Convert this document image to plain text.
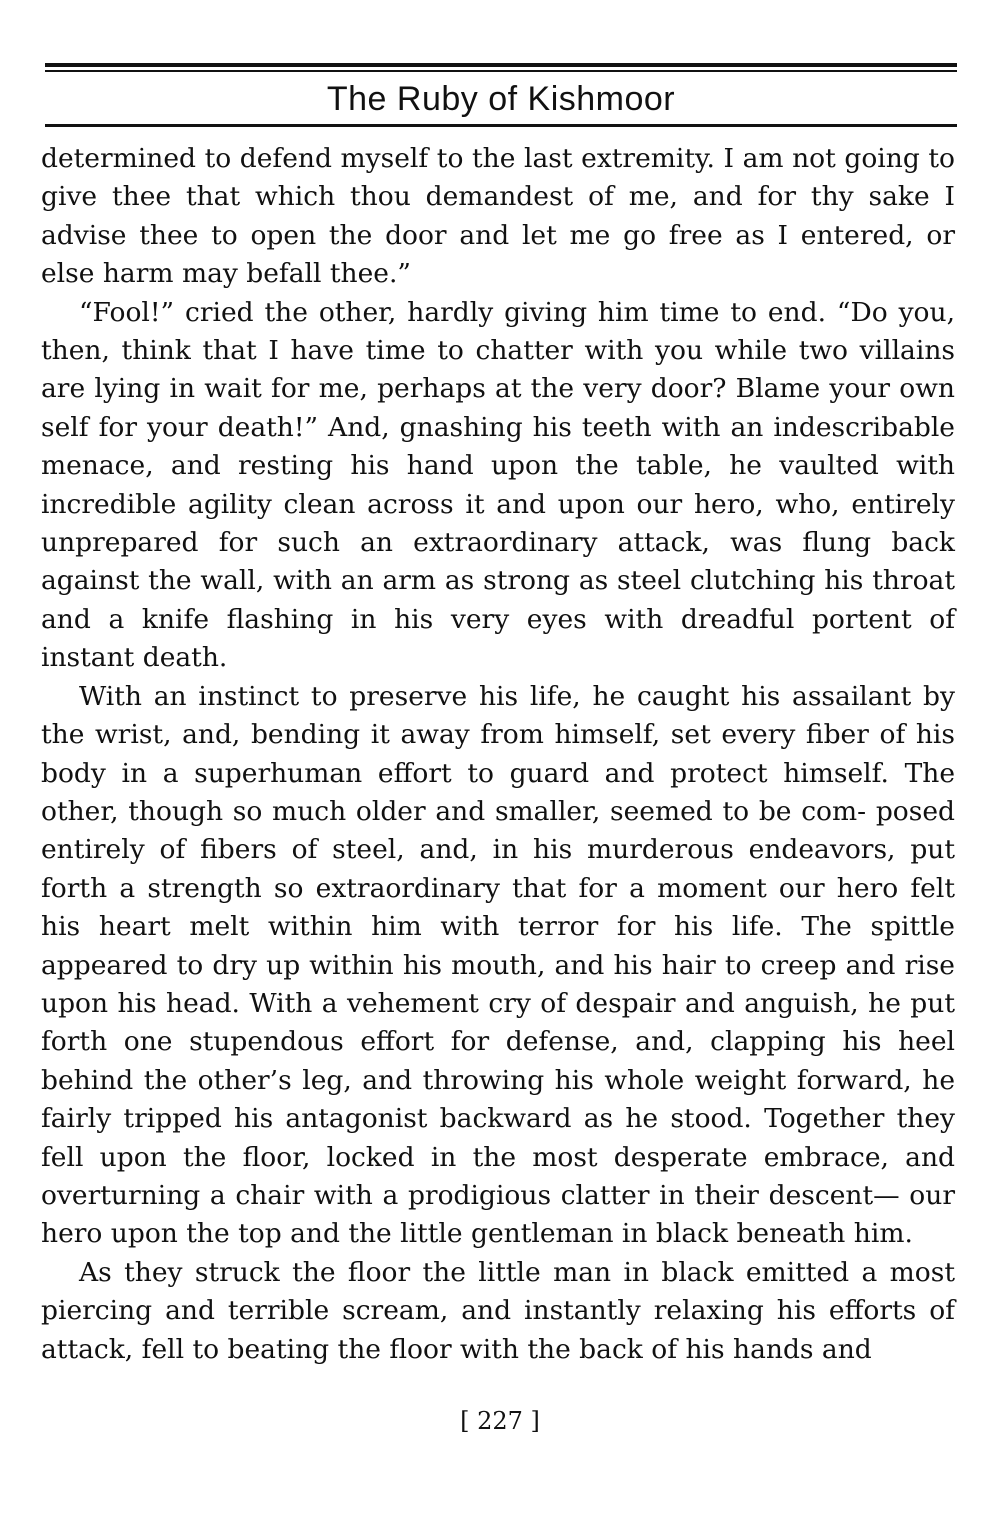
The Ruby of Kishmoor

determined to defend myself to the last extremity. I am not going to give thee that which thou demandest of me, and for thy sake I advise thee to open the door and let me go free as I entered, or else harm may befall thee.”

“Fool!” cried the other, hardly giving him time to end. “Do you, then, think that I have time to chatter with you while two villains are lying in wait for me, perhaps at the very door? Blame your own self for your death!” And, gnashing his teeth with an indescribable menace, and resting his hand upon the table, he vaulted with incredible agility clean across it and upon our hero, who, entirely unprepared for such an extraordinary attack, was flung back against the wall, with an arm as strong as steel clutching his throat and a knife flashing in his very eyes with dreadful portent of instant death.

With an instinct to preserve his life, he caught his assailant by the wrist, and, bending it away from himself, set every fiber of his body in a superhuman effort to guard and protect himself. The other, though so much older and smaller, seemed to be com- posed entirely of fibers of steel, and, in his murderous endeavors, put forth a strength so extraordinary that for a moment our hero felt his heart melt within him with terror for his life. The spittle appeared to dry up within his mouth, and his hair to creep and rise upon his head. With a vehement cry of despair and anguish, he put forth one stupendous effort for defense, and, clapping his heel behind the other’s leg, and throwing his whole weight forward, he fairly tripped his antagonist backward as he stood. Together they fell upon the floor, locked in the most desperate embrace, and overturning a chair with a prodigious clatter in their descent— our hero upon the top and the little gentleman in black beneath him.

As they struck the floor the little man in black emitted a most piercing and terrible scream, and instantly relaxing his efforts of attack, fell to beating the floor with the back of his hands and

[ 227 ]
